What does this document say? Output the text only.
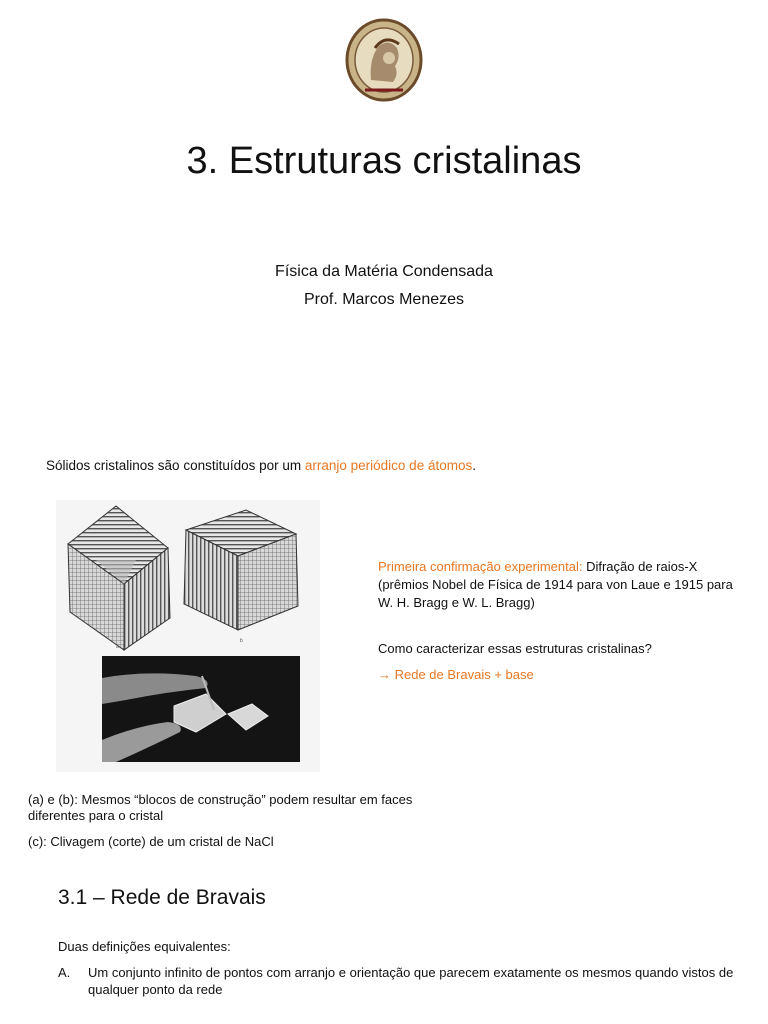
3. Estruturas cristalinas
Física da Matéria Condensada
Prof. Marcos Menezes
Sólidos cristalinos são constituídos por um arranjo periódico de átomos.
a
b

Primeira confirmação experimental: Difração de raios-X (prêmios Nobel de Física de 1914 para von Laue e 1915 para W. H. Bragg e W. L. Bragg)

Como caracterizar essas estruturas cristalinas?

→ Rede de Bravais + base

(a) e (b): Mesmos “blocos de construção” podem resultar em faces diferentes para o cristal

(c): Clivagem (corte) de um cristal de NaCl

3.1 – Rede de Bravais
Duas definições equivalentes:
A. Um conjunto infinito de pontos com arranjo e orientação que parecem exatamente os mesmos quando vistos de qualquer ponto da rede
